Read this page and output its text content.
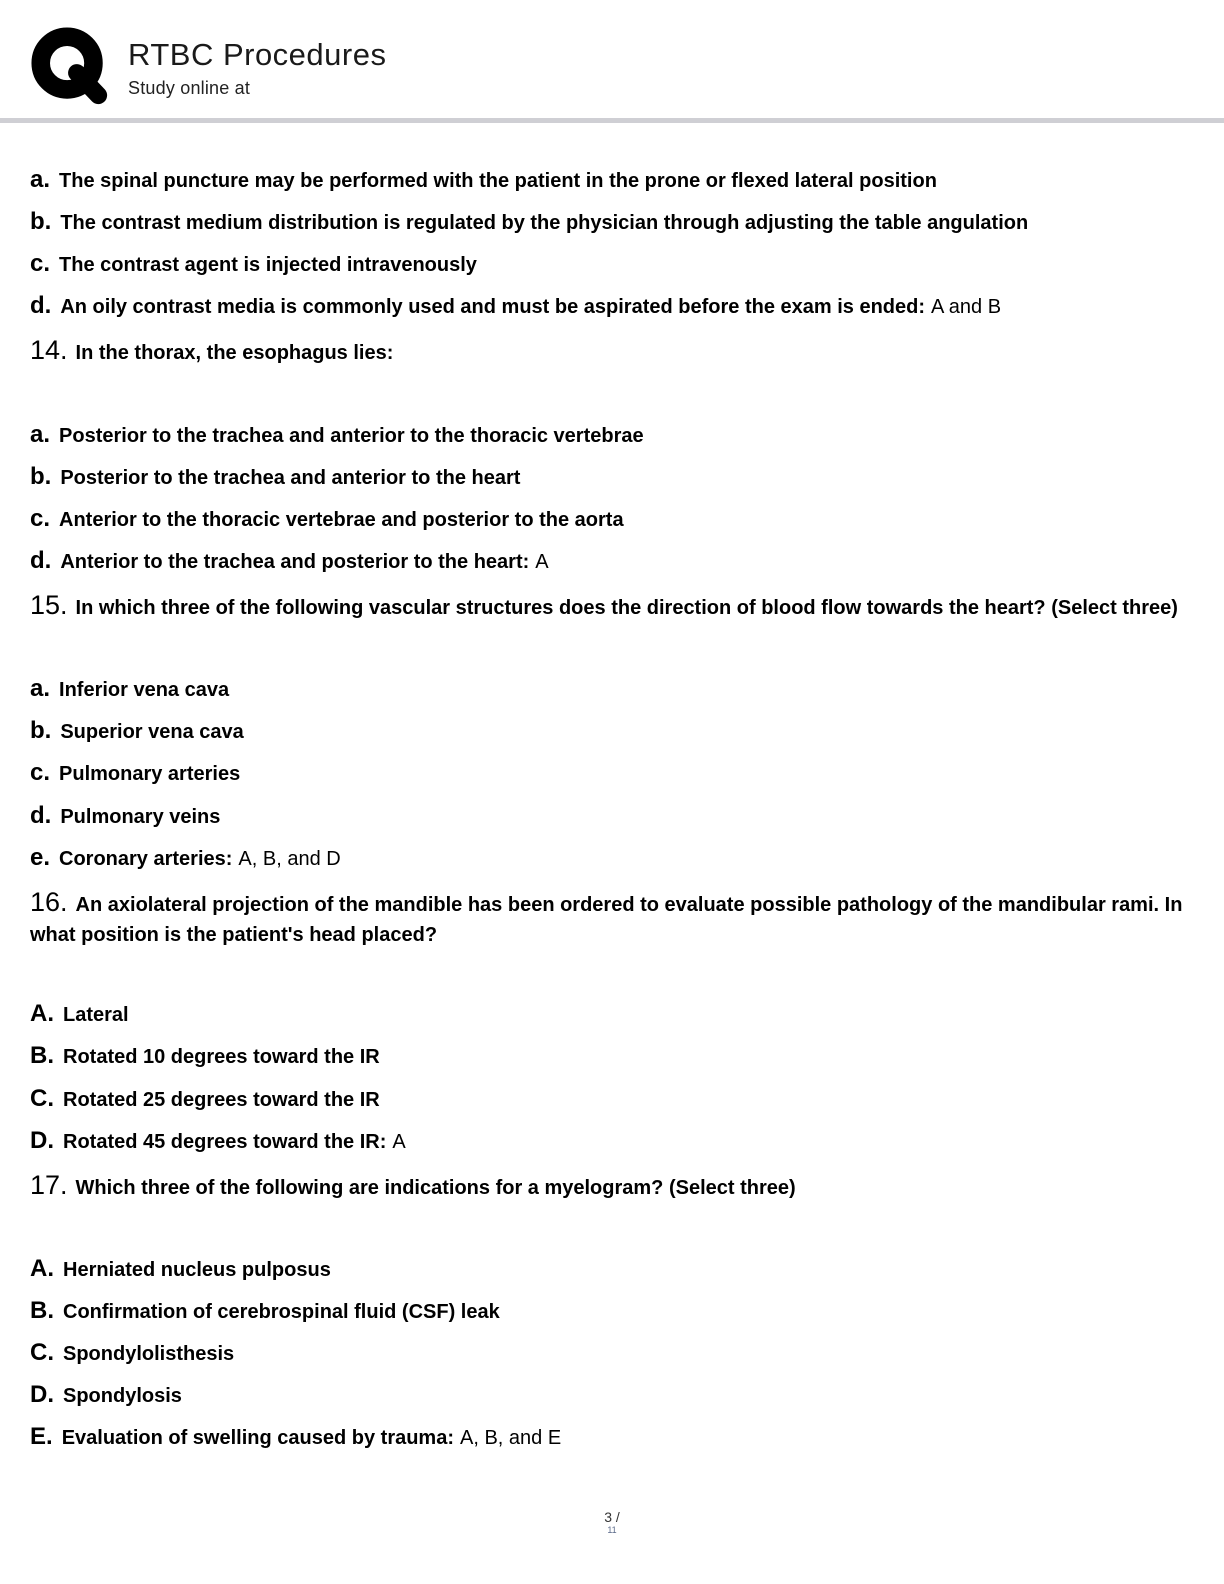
RTBC Procedures
Study online at
a. The spinal puncture may be performed with the patient in the prone or flexed lateral position
b. The contrast medium distribution is regulated by the physician through adjusting the table angulation
c. The contrast agent is injected intravenously
d. An oily contrast media is commonly used and must be aspirated before the exam is ended: A and B
14. In the thorax, the esophagus lies:
a. Posterior to the trachea and anterior to the thoracic vertebrae
b. Posterior to the trachea and anterior to the heart
c. Anterior to the thoracic vertebrae and posterior to the aorta
d. Anterior to the trachea and posterior to the heart: A
15. In which three of the following vascular structures does the direction of blood flow towards the heart? (Select three)
a. Inferior vena cava
b. Superior vena cava
c. Pulmonary arteries
d. Pulmonary veins
e. Coronary arteries: A, B, and D
16. An axiolateral projection of the mandible has been ordered to evaluate possible pathology of the mandibular rami. In what position is the patient's head placed?
A. Lateral
B. Rotated 10 degrees toward the IR
C. Rotated 25 degrees toward the IR
D. Rotated 45 degrees toward the IR: A
17. Which three of the following are indications for a myelogram? (Select three)
A. Herniated nucleus pulposus
B. Confirmation of cerebrospinal fluid (CSF) leak
C. Spondylolisthesis
D. Spondylosis
E. Evaluation of swelling caused by trauma: A, B, and E
3 /
11
